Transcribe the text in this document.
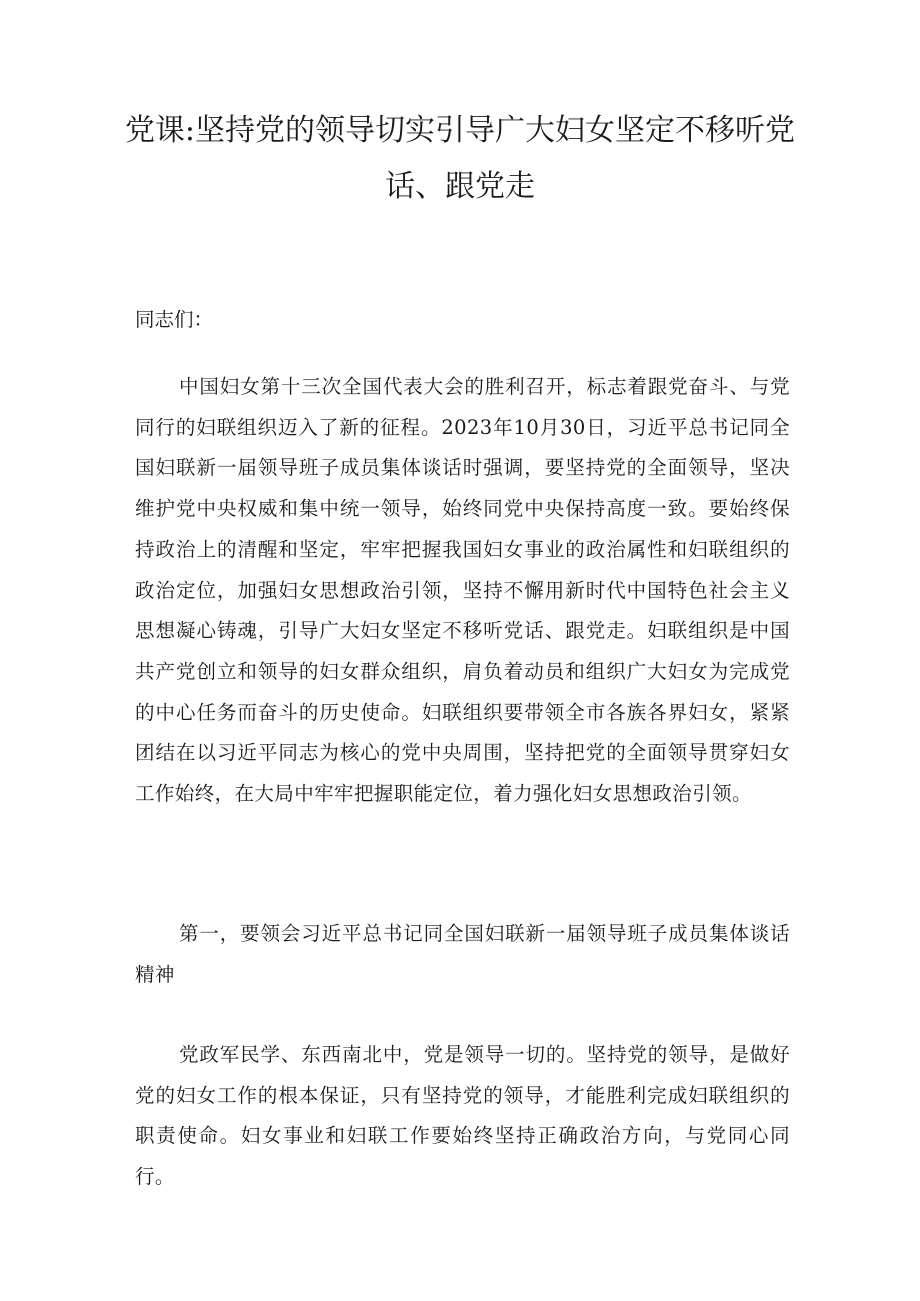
党课:坚持党的领导切实引导广大妇女坚定不移听党
话、跟党走
同志们：
中国妇女第十三次全国代表大会的胜利召开，标志着跟党奋斗、与党同行的妇联组织迈入了新的征程。2023年10月30日，习近平总书记同全国妇联新一届领导班子成员集体谈话时强调，要坚持党的全面领导，坚决维护党中央权威和集中统一领导，始终同党中央保持高度一致。要始终保持政治上的清醒和坚定，牢牢把握我国妇女事业的政治属性和妇联组织的政治定位，加强妇女思想政治引领，坚持不懈用新时代中国特色社会主义思想凝心铸魂，引导广大妇女坚定不移听党话、跟党走。妇联组织是中国共产党创立和领导的妇女群众组织，肩负着动员和组织广大妇女为完成党的中心任务而奋斗的历史使命。妇联组织要带领全市各族各界妇女，紧紧团结在以习近平同志为核心的党中央周围，坚持把党的全面领导贯穿妇女工作始终，在大局中牢牢把握职能定位，着力强化妇女思想政治引领。
第一，要领会习近平总书记同全国妇联新一届领导班子成员集体谈话精神
党政军民学、东西南北中，党是领导一切的。坚持党的领导，是做好党的妇女工作的根本保证，只有坚持党的领导，才能胜利完成妇联组织的职责使命。妇女事业和妇联工作要始终坚持正确政治方向，与党同心同行。
